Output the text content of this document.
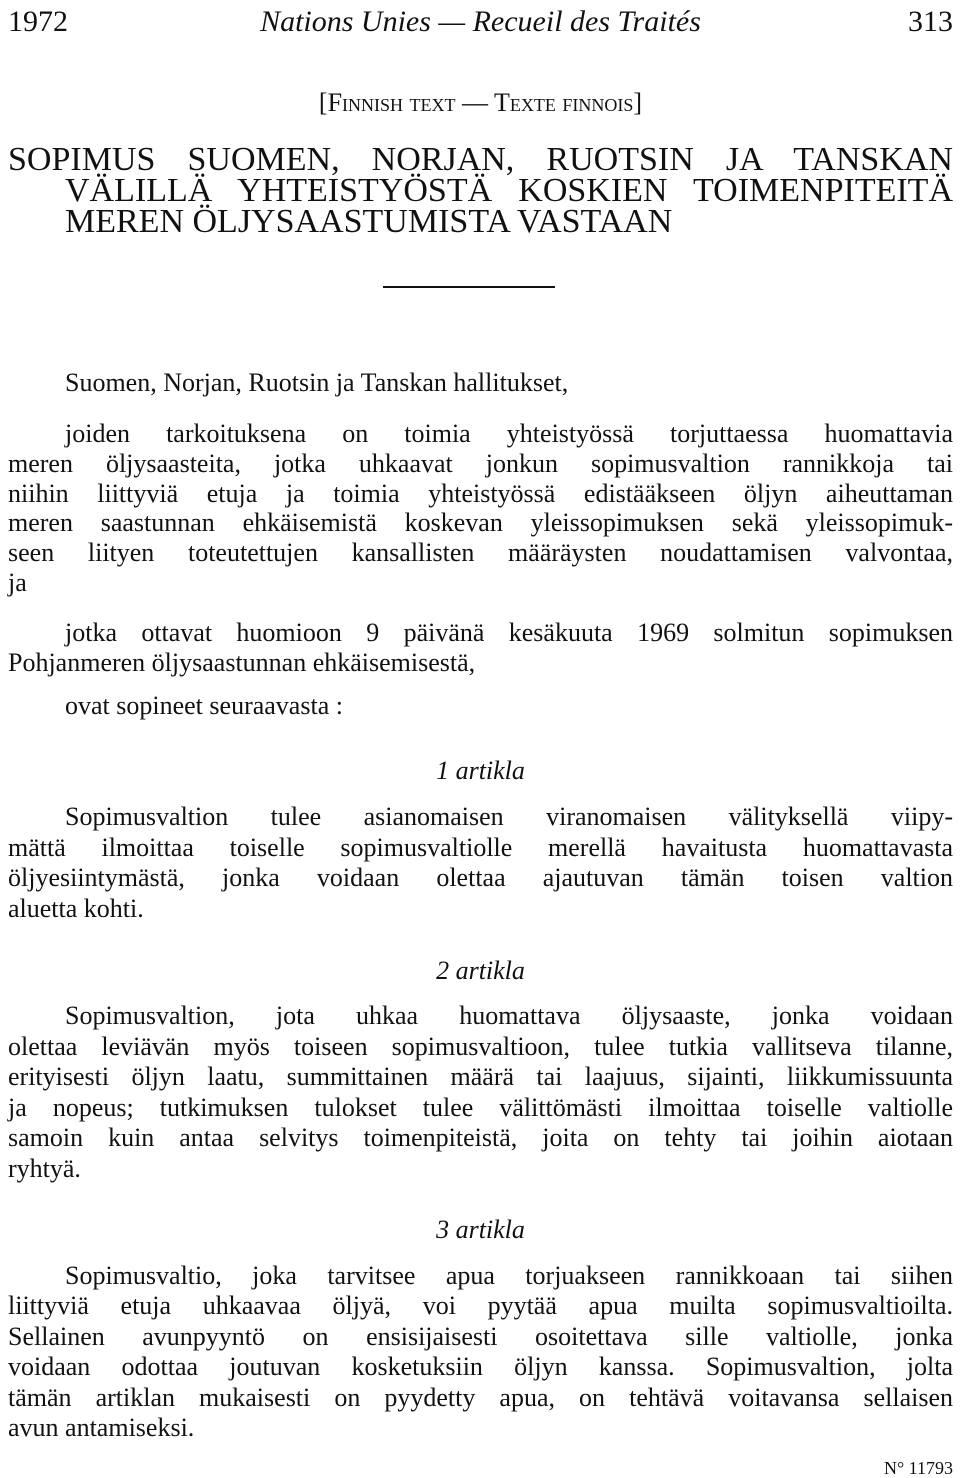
1972	Nations Unies — Recueil des Traités	313
[Finnish text — Texte finnois]
SOPIMUS SUOMEN, NORJAN, RUOTSIN JA TANSKAN
VÄLILLÄ YHTEISTYÖSTÄ KOSKIEN TOIMENPITEITÄ
MEREN ÖLJYSAASTUMISTA VASTAAN
Suomen, Norjan, Ruotsin ja Tanskan hallitukset,
joiden tarkoituksena on toimia yhteistyössä torjuttaessa huomattavia
meren öljysaasteita, jotka uhkaavat jonkun sopimusvaltion rannikkoja tai
niihin liittyviä etuja ja toimia yhteistyössä edistääkseen öljyn aiheuttaman
meren saastunnan ehkäisemistä koskevan yleissopimuksen sekä yleissopimuk-
seen liityen toteutettujen kansallisten määräysten noudattamisen valvontaa,
ja
jotka ottavat huomioon 9 päivänä kesäkuuta 1969 solmitun sopimuksen
Pohjanmeren öljysaastunnan ehkäisemisestä,
ovat sopineet seuraavasta :
1 artikla
Sopimusvaltion tulee asianomaisen viranomaisen välityksellä viipy-
mättä ilmoittaa toiselle sopimusvaltiolle merellä havaitusta huomattavasta
öljyesiintymästä, jonka voidaan olettaa ajautuvan tämän toisen valtion
aluetta kohti.
2 artikla
Sopimusvaltion, jota uhkaa huomattava öljysaaste, jonka voidaan
olettaa leviävän myös toiseen sopimusvaltioon, tulee tutkia vallitseva tilanne,
erityisesti öljyn laatu, summittainen määrä tai laajuus, sijainti, liikkumissuunta
ja nopeus; tutkimuksen tulokset tulee välittömästi ilmoittaa toiselle valtiolle
samoin kuin antaa selvitys toimenpiteistä, joita on tehty tai joihin aiotaan
ryhtyä.
3 artikla
Sopimusvaltio, joka tarvitsee apua torjuakseen rannikkoaan tai siihen
liittyviä etuja uhkaavaa öljyä, voi pyytää apua muilta sopimusvaltioilta.
Sellainen avunpyyntö on ensisijaisesti osoitettava sille valtiolle, jonka
voidaan odottaa joutuvan kosketuksiin öljyn kanssa. Sopimusvaltion, jolta
tämän artiklan mukaisesti on pyydetty apua, on tehtävä voitavansa sellaisen
avun antamiseksi.
N° 11793
